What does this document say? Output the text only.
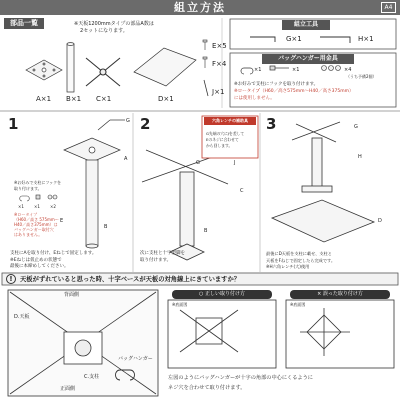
組立方法	A4
部品一覧	※天板1200mmタイプの部品A数は
2セットになります。
A×1 B×1 C×1	D×1
E×5
F×4
J×1
組立工具
G×1	H×1
バッグハンガー用金具
×1	×1	×4
（うち予備2個）
※お好みで支柱にフックを取り付けます。
※ロータイプ（H60／高さ575mm〜H40／高さ375mm）
には使用しません。
1	G
A
B
E
※お好みで支柱にフックを
取り付けます。
×1	×1	×2
※ロータイプ
（H60／高さ 575mm〜
H40／高さ375mm）は
バッグハンガー取付穴
はありません。
支柱にAを取り付け、Eねじで固定します。
※Eねじは仮止めの状態で
最後に本締めしてください。
2	六角レンチの補助具
G先端の穴にJを差して
Eのネジに合わせて
から回します。
G	J
C
B
次に支柱と十字型脚を
取り付けます。
3	G
H
D
最後にD天板を支柱に載せ、支柱と
天板をFねじで固定したら完成です。
※H六角レンチ(大)使用
!	天板がずれていると思った時、十字ベースが天板の対角線上にきていますか？
背面側
正面側
D.天板
C.支柱
バッグハンガー
○ 正しい取り付け方	× 誤った取り付け方
※底面図	※底面図
左図のようにバッグハンガーが十字の角部の中心にくるように
ネジ穴を合わせて取り付けます。
